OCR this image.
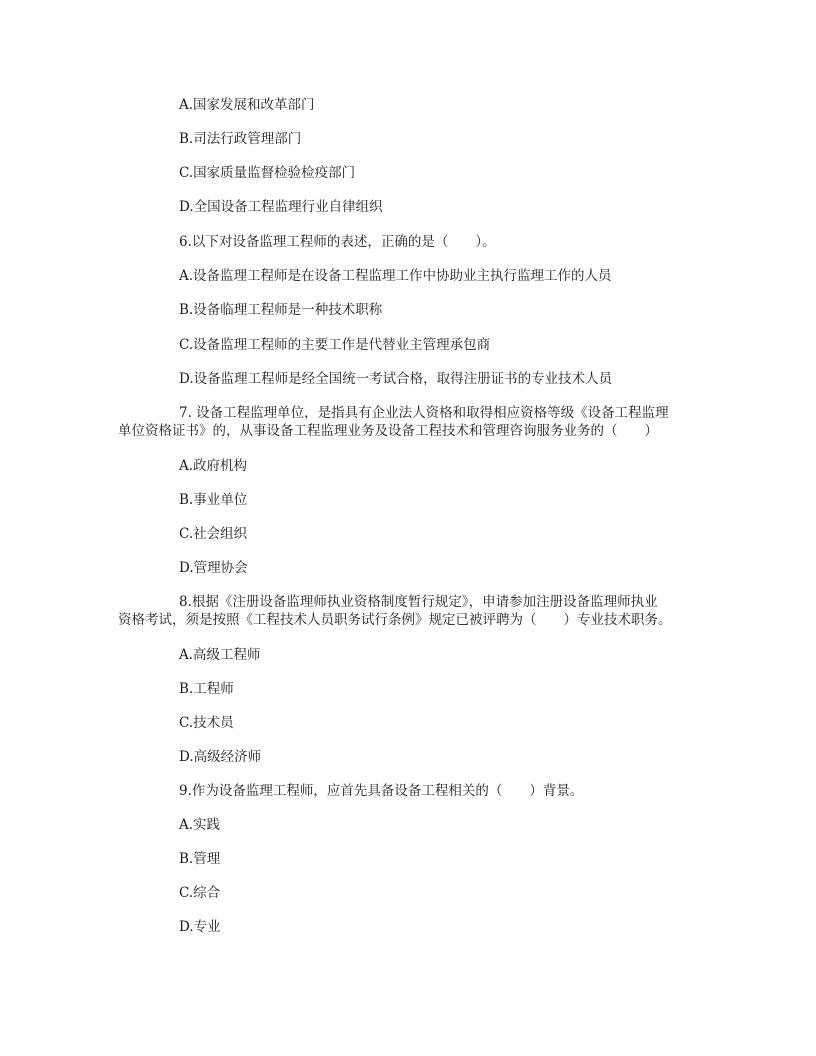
A.国家发展和改革部门
B.司法行政管理部门
C.国家质量监督检验检疫部门
D.全国设备工程监理行业自律组织
6.以下对设备监理工程师的表述，正确的是（　　）。
A.设备监理工程师是在设备工程监理工作中协助业主执行监理工作的人员
B.设备临理工程师是一种技术职称
C.设备监理工程师的主要工作是代替业主管理承包商
D.设备监理工程师是经全国统一考试合格，取得注册证书的专业技术人员
7. 设备工程监理单位，是指具有企业法人资格和取得相应资格等级《设备工程监理
单位资格证书》的，从事设备工程监理业务及设备工程技术和管理咨询服务业务的（　　）
A.政府机构
B.事业单位
C.社会组织
D.管理协会
8.根据《注册设备监理师执业资格制度暂行规定》，申请参加注册设备监理师执业
资格考试，须是按照《工程技术人员职务试行条例》规定已被评聘为（　　）专业技术职务。
A.高级工程师
B.工程师
C.技术员
D.高级经济师
9.作为设备监理工程师，应首先具备设备工程相关的（　　）背景。
A.实践
B.管理
C.综合
D.专业
